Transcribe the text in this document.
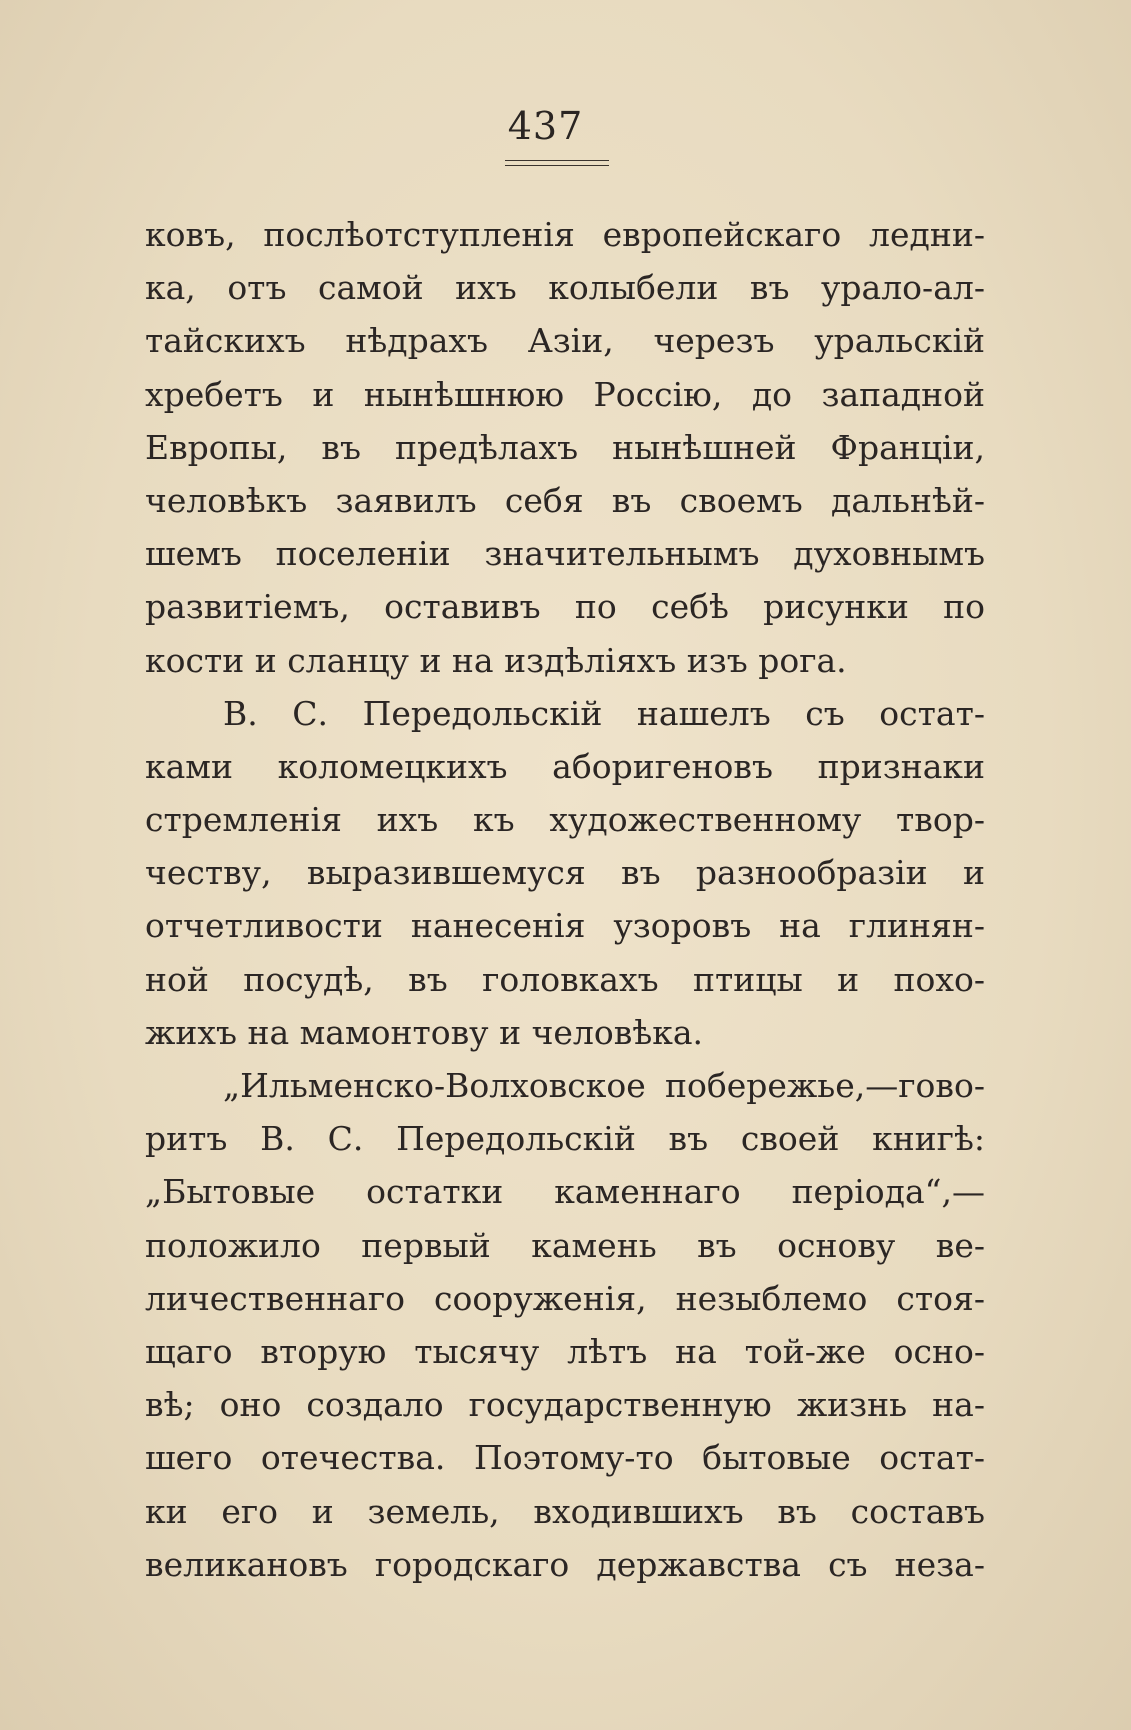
437
ковъ, послѣотступленія европейскаго ледни-
ка, отъ самой ихъ колыбели въ урало-ал-
тайскихъ нѣдрахъ Азіи, черезъ уральскій
хребетъ и нынѣшнюю Россію, до западной
Европы, въ предѣлахъ нынѣшней Франціи,
человѣкъ заявилъ себя въ своемъ дальнѣй-
шемъ поселеніи значительнымъ духовнымъ
развитіемъ, оставивъ по себѣ рисунки по
кости и сланцу и на издѣліяхъ изъ рога.
В. С. Передольскій нашелъ съ остат-
ками коломецкихъ аборигеновъ признаки
стремленія ихъ къ художественному твор-
честву, выразившемуся въ разнообразіи и
отчетливости нанесенія узоровъ на глинян-
ной посудѣ, въ головкахъ птицы и похо-
жихъ на мамонтову и человѣка.
„Ильменско-Волховское побережье,—гово-
ритъ В. С. Передольскій въ своей книгѣ:
„Бытовые остатки каменнаго періода“,—
положило первый камень въ основу ве-
личественнаго сооруженія, незыблемо стоя-
щаго вторую тысячу лѣтъ на той-же осно-
вѣ; оно создало государственную жизнь на-
шего отечества. Поэтому-то бытовые остат-
ки его и земель, входившихъ въ составъ
великановъ городскаго державства съ неза-
